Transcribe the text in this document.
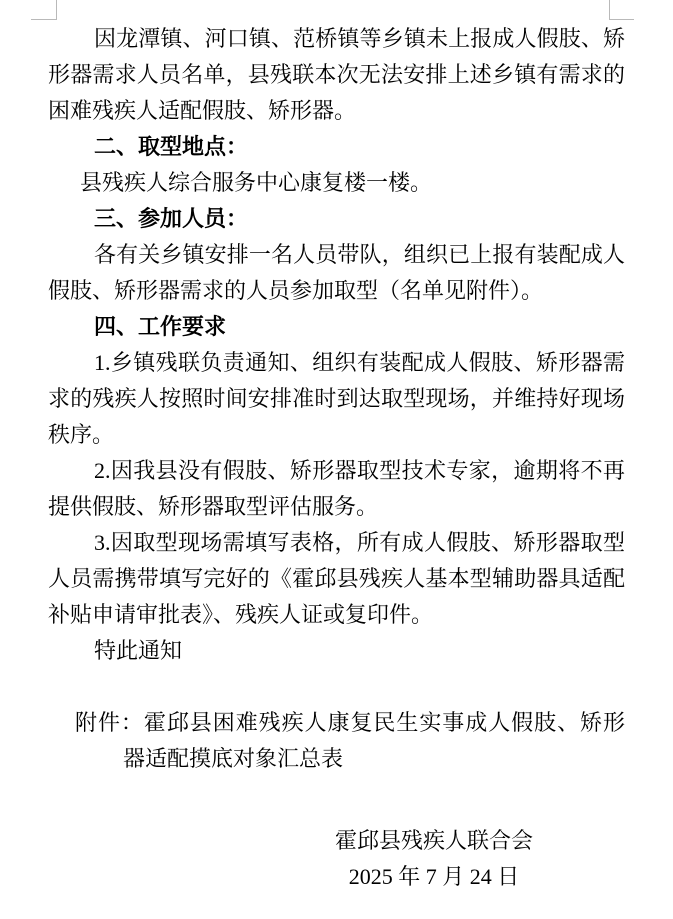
因龙潭镇、河口镇、范桥镇等乡镇未上报成人假肢、矫形器需求人员名单，县残联本次无法安排上述乡镇有需求的困难残疾人适配假肢、矫形器。

二、取型地点：

县残疾人综合服务中心康复楼一楼。

三、参加人员：

各有关乡镇安排一名人员带队，组织已上报有装配成人假肢、矫形器需求的人员参加取型（名单见附件）。

四、工作要求

1.乡镇残联负责通知、组织有装配成人假肢、矫形器需求的残疾人按照时间安排准时到达取型现场，并维持好现场秩序。

2.因我县没有假肢、矫形器取型技术专家，逾期将不再提供假肢、矫形器取型评估服务。

3.因取型现场需填写表格，所有成人假肢、矫形器取型人员需携带填写完好的《霍邱县残疾人基本型辅助器具适配补贴申请审批表》、残疾人证或复印件。

特此通知

附件：霍邱县困难残疾人康复民生实事成人假肢、矫形器适配摸底对象汇总表

霍邱县残疾人联合会

2025 年 7 月 24 日
